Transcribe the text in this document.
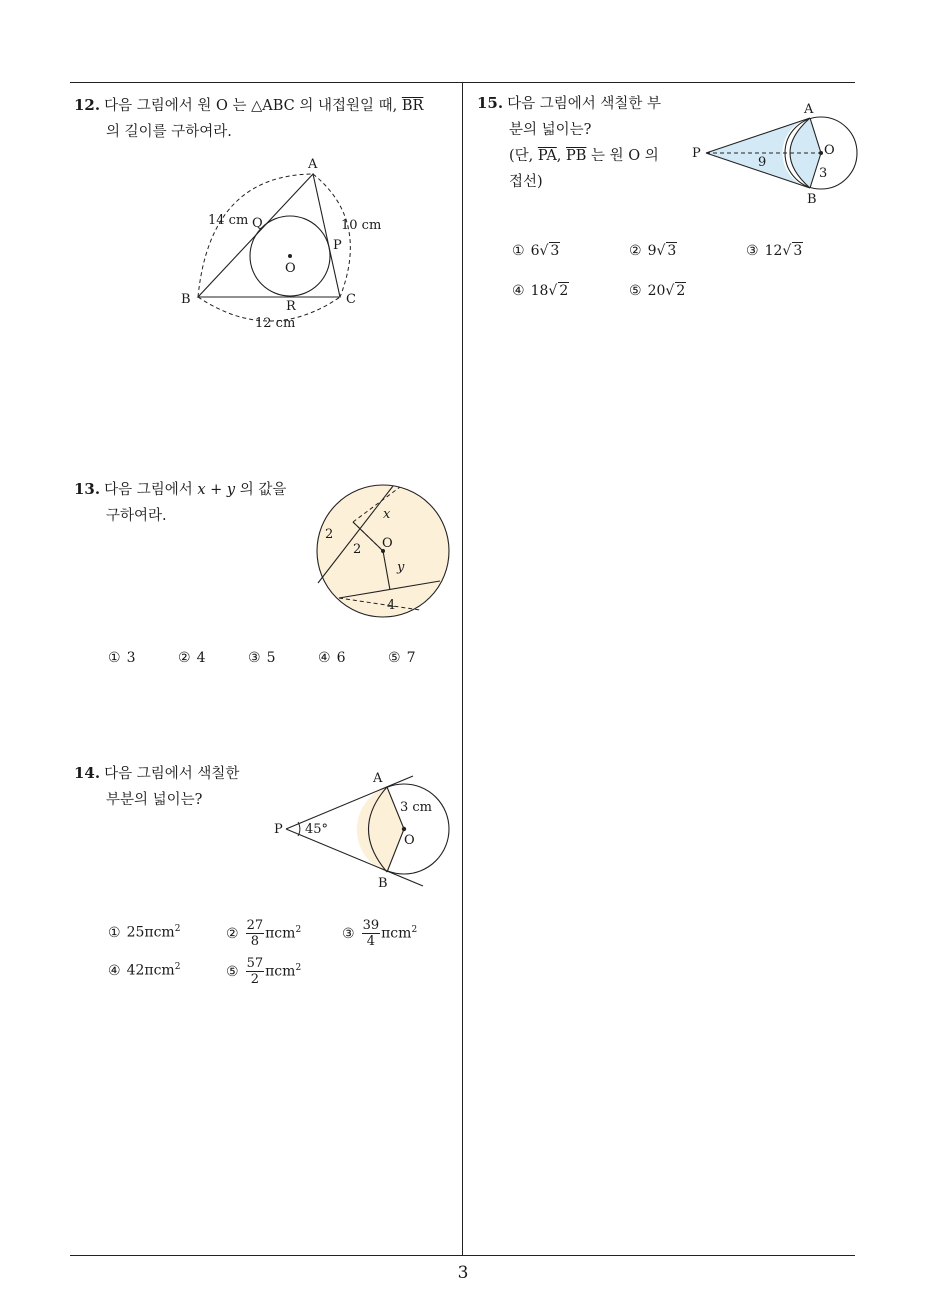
12. 다음 그림에서 원 O 는 △ABC 의 내접원일 때, $\overline{BR}$
의 길이를 구하여라.
A
B	C
O
P
Q
R
14 cm	10 cm
12 cm
13. 다음 그림에서 x + y 의 값을
구하여라.
O
x
y
2
2
4
① 3	② 4	③ 5	④ 6	⑤ 7
14. 다음 그림에서 색칠한
부분의 넓이는?
A
B
P
O
45°
3 cm
① 25πcm$^2$	② $\frac{27}{8} \pi cm^2$	③ $\frac{39}{4} \pi cm^2$
④ 42πcm$^2$	⑤ $\frac{57}{2} \pi cm^2$
15. 다음 그림에서 색칠한 부
분의 넓이는?
(단, $\overline{PA}$, $\overline{PB}$ 는 원 O 의
접선)
A
B
P	O
9
3
① 6√ 3	② 9√ 3	③ 12√ 3
④ 18√ 2	⑤ 20√ 2
3
